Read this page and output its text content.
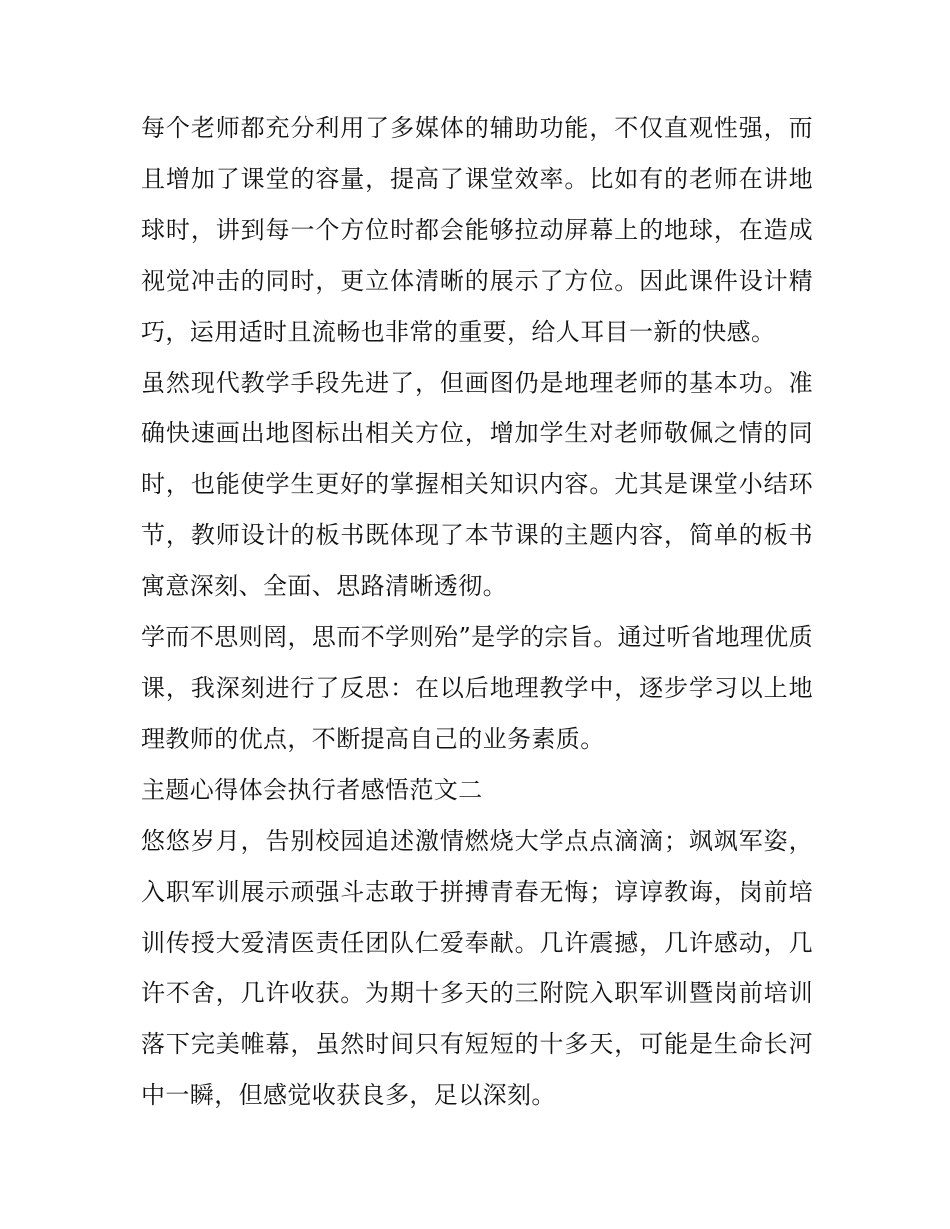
每个老师都充分利用了多媒体的辅助功能，不仅直观性强，而且增加了课堂的容量，提高了课堂效率。比如有的老师在讲地球时，讲到每一个方位时都会能够拉动屏幕上的地球，在造成视觉冲击的同时，更立体清晰的展示了方位。因此课件设计精巧，运用适时且流畅也非常的重要，给人耳目一新的快感。

虽然现代教学手段先进了，但画图仍是地理老师的基本功。准确快速画出地图标出相关方位，增加学生对老师敬佩之情的同时，也能使学生更好的掌握相关知识内容。尤其是课堂小结环节，教师设计的板书既体现了本节课的主题内容，简单的板书寓意深刻、全面、思路清晰透彻。

学而不思则罔，思而不学则殆”是学的宗旨。通过听省地理优质课，我深刻进行了反思：在以后地理教学中，逐步学习以上地理教师的优点，不断提高自己的业务素质。

主题心得体会执行者感悟范文二

悠悠岁月，告别校园追述激情燃烧大学点点滴滴；飒飒军姿，入职军训展示顽强斗志敢于拼搏青春无悔；谆谆教诲，岗前培训传授大爱清医责任团队仁爱奉献。几许震撼，几许感动，几许不舍，几许收获。为期十多天的三附院入职军训暨岗前培训落下完美帷幕，虽然时间只有短短的十多天，可能是生命长河中一瞬，但感觉收获良多，足以深刻。
